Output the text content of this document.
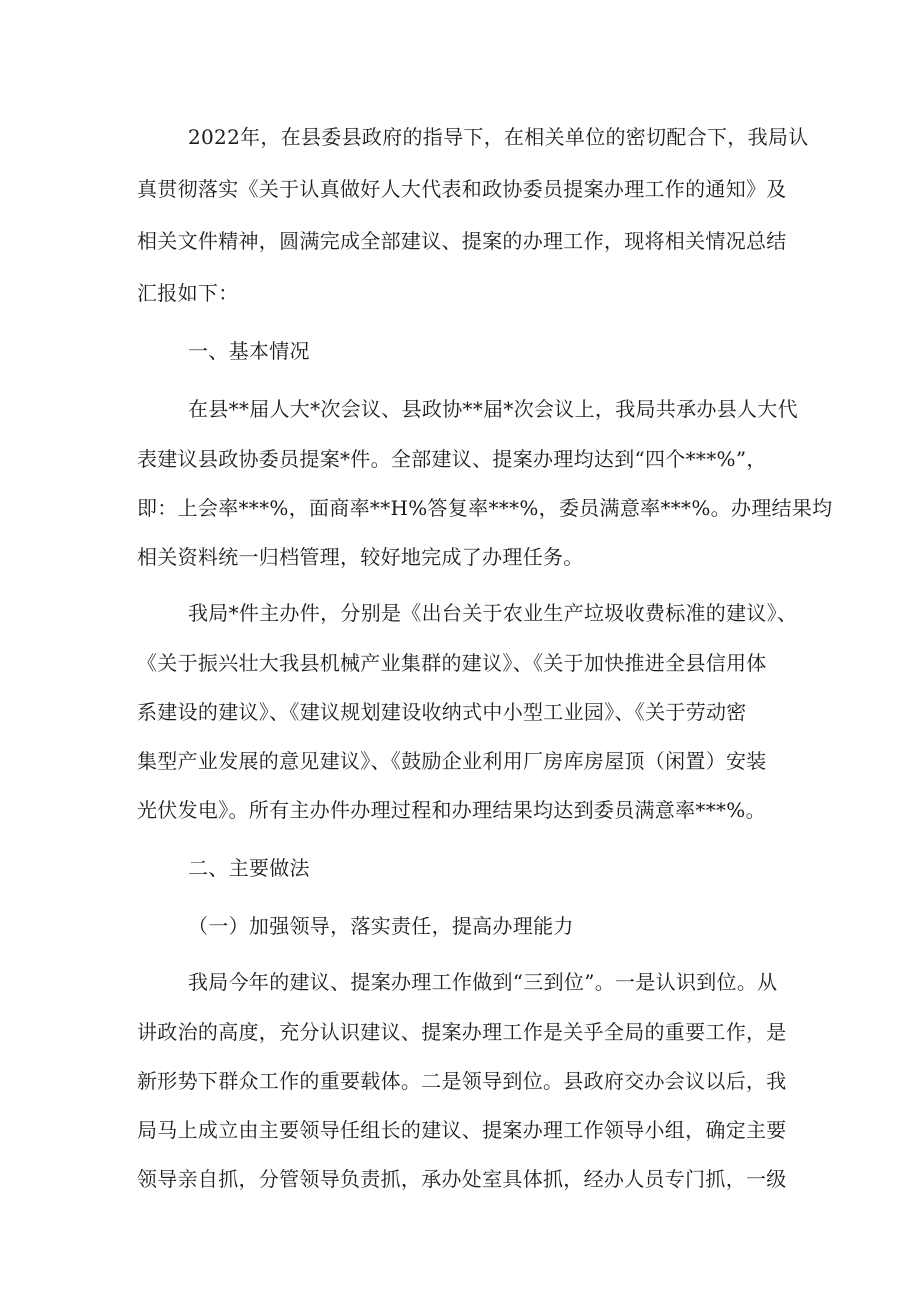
2022年，在县委县政府的指导下，在相关单位的密切配合下，我局认
真贯彻落实《关于认真做好人大代表和政协委员提案办理工作的通知》及
相关文件精神，圆满完成全部建议、提案的办理工作，现将相关情况总结
汇报如下：
一、基本情况
在县**届人大*次会议、县政协**届*次会议上，我局共承办县人大代
表建议县政协委员提案*件。全部建议、提案办理均达到“四个***%”，
即：上会率***%，面商率**H%答复率***%，委员满意率***%。办理结果均
相关资料统一归档管理，较好地完成了办理任务。
我局*件主办件，分别是《出台关于农业生产垃圾收费标准的建议》、
《关于振兴壮大我县机械产业集群的建议》、《关于加快推进全县信用体
系建设的建议》、《建议规划建设收纳式中小型工业园》、《关于劳动密
集型产业发展的意见建议》、《鼓励企业利用厂房库房屋顶（闲置）安装
光伏发电》。所有主办件办理过程和办理结果均达到委员满意率***%。
二、主要做法
（一）加强领导，落实责任，提高办理能力
我局今年的建议、提案办理工作做到“三到位”。一是认识到位。从
讲政治的高度，充分认识建议、提案办理工作是关乎全局的重要工作，是
新形势下群众工作的重要载体。二是领导到位。县政府交办会议以后，我
局马上成立由主要领导任组长的建议、提案办理工作领导小组，确定主要
领导亲自抓，分管领导负责抓，承办处室具体抓，经办人员专门抓，一级
